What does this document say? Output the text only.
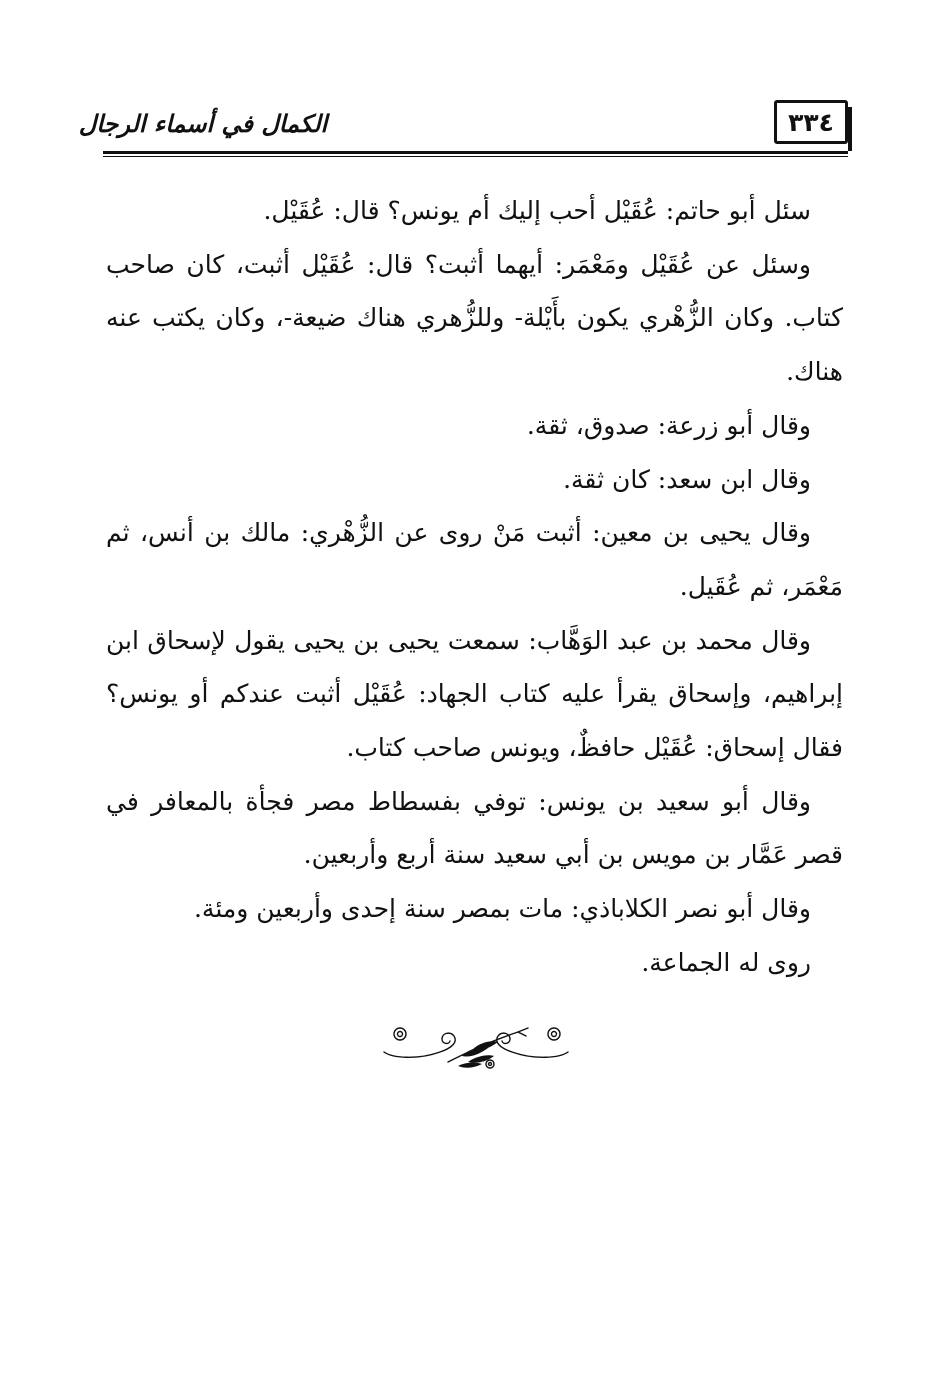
٣٣٤
الكمال في أسماء الرجال

سئل أبو حاتم: عُقَيْل أحب إليك أم يونس؟ قال: عُقَيْل.

وسئل عن عُقَيْل ومَعْمَر: أيهما أثبت؟ قال: عُقَيْل أثبت، كان صاحب كتاب. وكان الزُّهْري يكون بأَيْلة- وللزُّهري هناك ضيعة-، وكان يكتب عنه هناك.

وقال أبو زرعة: صدوق، ثقة.

وقال ابن سعد: كان ثقة.

وقال يحيى بن معين: أثبت مَنْ روى عن الزُّهْري: مالك بن أنس، ثم مَعْمَر، ثم عُقَيل.

وقال محمد بن عبد الوَهَّاب: سمعت يحيى بن يحيى يقول لإسحاق ابن إبراهيم، وإسحاق يقرأ عليه كتاب الجهاد: عُقَيْل أثبت عندكم أو يونس؟ فقال إسحاق: عُقَيْل حافظٌ، ويونس صاحب كتاب.

وقال أبو سعيد بن يونس: توفي بفسطاط مصر فجأة بالمعافر في قصر عَمَّار بن مويس بن أبي سعيد سنة أربع وأربعين.

وقال أبو نصر الكلاباذي: مات بمصر سنة إحدى وأربعين ومئة.

روى له الجماعة.
